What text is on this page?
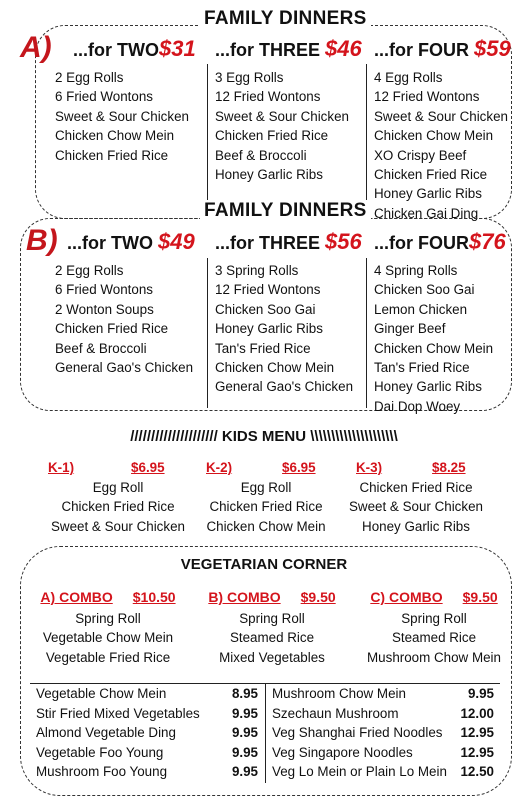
FAMILY DINNERS
A)	...for TWO$31
2 Egg Rolls
6 Fried Wontons
Sweet & Sour Chicken
Chicken Chow Mein
Chicken Fried Rice
...for THREE $46
3 Egg Rolls
12 Fried Wontons
Sweet & Sour Chicken
Chicken Fried Rice
Beef & Broccoli
Honey Garlic Ribs
...for FOUR $59
4 Egg Rolls
12 Fried Wontons
Sweet & Sour Chicken
Chicken Chow Mein
XO Crispy Beef
Chicken Fried Rice
Honey Garlic Ribs
Chicken Gai Ding
FAMILY DINNERS
B) ...for TWO $49
2 Egg Rolls
6 Fried Wontons
2 Wonton Soups
Chicken Fried Rice
Beef & Broccoli
General Gao's Chicken
...for THREE $56
3 Spring Rolls
12 Fried Wontons
Chicken Soo Gai
Honey Garlic Ribs
Tan's Fried Rice
Chicken Chow Mein
General Gao's Chicken
...for FOUR$76
4 Spring Rolls
Chicken Soo Gai
Lemon Chicken
Ginger Beef
Chicken Chow Mein
Tan's Fried Rice
Honey Garlic Ribs
Dai Dop Woey
///////////////////// KIDS MENU \\\\\\\\\\\\\\\\\\\\\
K-1)	$6.95
Egg Roll
Chicken Fried Rice
Sweet & Sour Chicken
K-2)	$6.95
Egg Roll
Chicken Fried Rice
Chicken Chow Mein
K-3)	$8.25
Chicken Fried Rice
Sweet & Sour Chicken
Honey Garlic Ribs
VEGETARIAN CORNER
A) COMBO $10.50
Spring Roll
Vegetable Chow Mein
Vegetable Fried Rice
B) COMBO $9.50
Spring Roll
Steamed Rice
Mixed Vegetables
C) COMBO $9.50
Spring Roll
Steamed Rice
Mushroom Chow Mein
Vegetable Chow Mein	8.95
Stir Fried Mixed Vegetables 9.95
Almond Vegetable Ding	9.95
Vegetable Foo Young	9.95
Mushroom Foo Young	9.95
Mushroom Chow Mein	9.95
Szechaun Mushroom	12.00
Veg Shanghai Fried Noodles 12.95
Veg Singapore Noodles	12.95
Veg Lo Mein or Plain Lo Mein 12.50
